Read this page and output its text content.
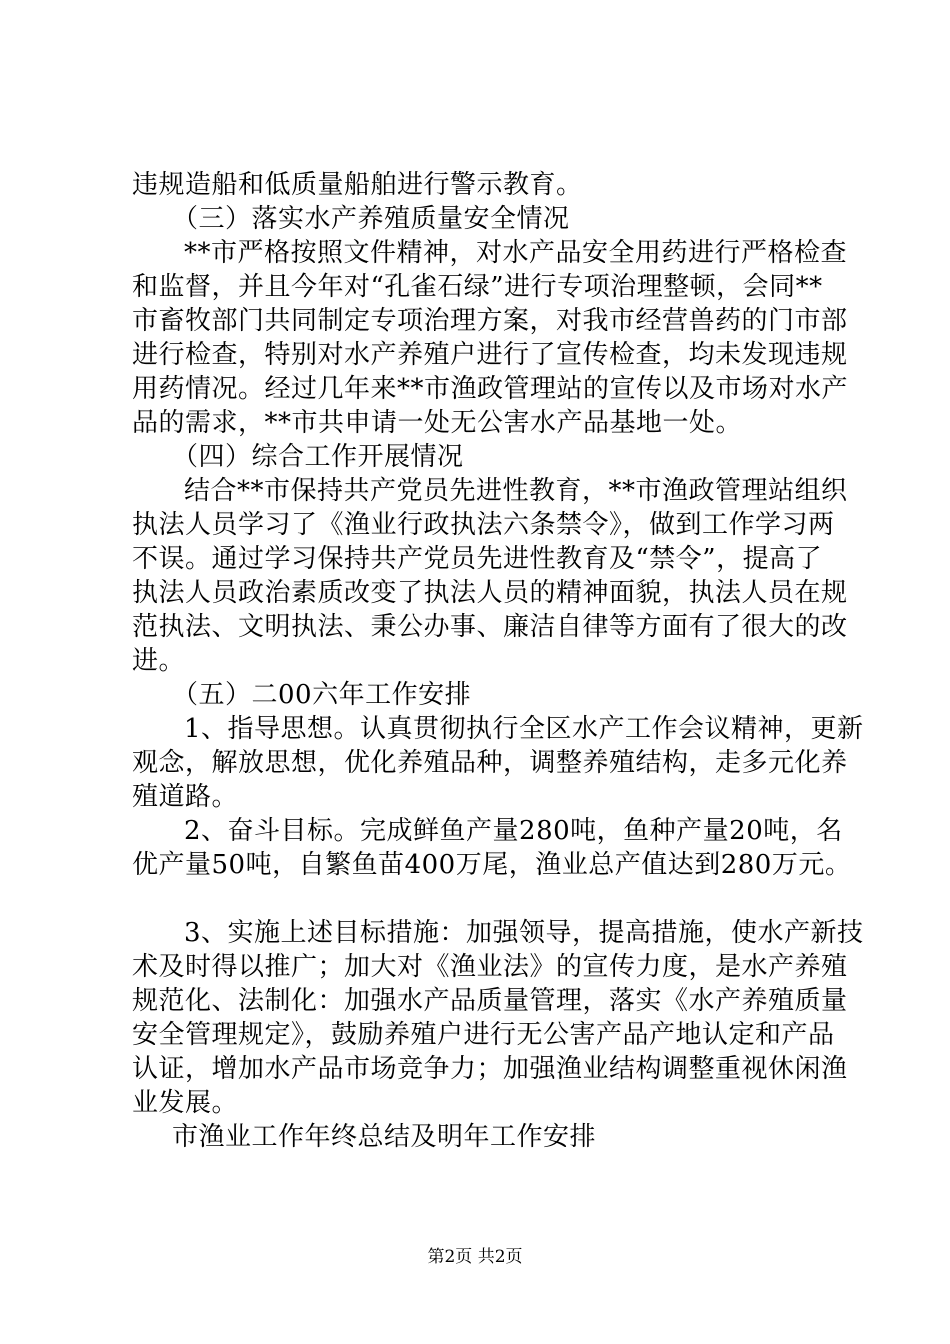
违规造船和低质量船舶进行警示教育。
（三）落实水产养殖质量安全情况
**市严格按照文件精神，对水产品安全用药进行严格检查
和监督，并且今年对“孔雀石绿”进行专项治理整顿，会同**
市畜牧部门共同制定专项治理方案，对我市经营兽药的门市部
进行检查，特别对水产养殖户进行了宣传检查，均未发现违规
用药情况。经过几年来**市渔政管理站的宣传以及市场对水产
品的需求，**市共申请一处无公害水产品基地一处。
（四）综合工作开展情况
结合**市保持共产党员先进性教育，**市渔政管理站组织
执法人员学习了《渔业行政执法六条禁令》，做到工作学习两
不误。通过学习保持共产党员先进性教育及“禁令”，提高了
执法人员政治素质改变了执法人员的精神面貌，执法人员在规
范执法、文明执法、秉公办事、廉洁自律等方面有了很大的改
进。
（五）二00六年工作安排
1、指导思想。认真贯彻执行全区水产工作会议精神，更新
观念，解放思想，优化养殖品种，调整养殖结构，走多元化养
殖道路。
2、奋斗目标。完成鲜鱼产量280吨，鱼种产量20吨，名
优产量50吨，自繁鱼苗400万尾，渔业总产值达到280万元。
3、实施上述目标措施：加强领导，提高措施，使水产新技
术及时得以推广；加大对《渔业法》的宣传力度，是水产养殖
规范化、法制化：加强水产品质量管理，落实《水产养殖质量
安全管理规定》，鼓励养殖户进行无公害产品产地认定和产品
认证，增加水产品市场竞争力；加强渔业结构调整重视休闲渔
业发展。
市渔业工作年终总结及明年工作安排
第2页 共2页
